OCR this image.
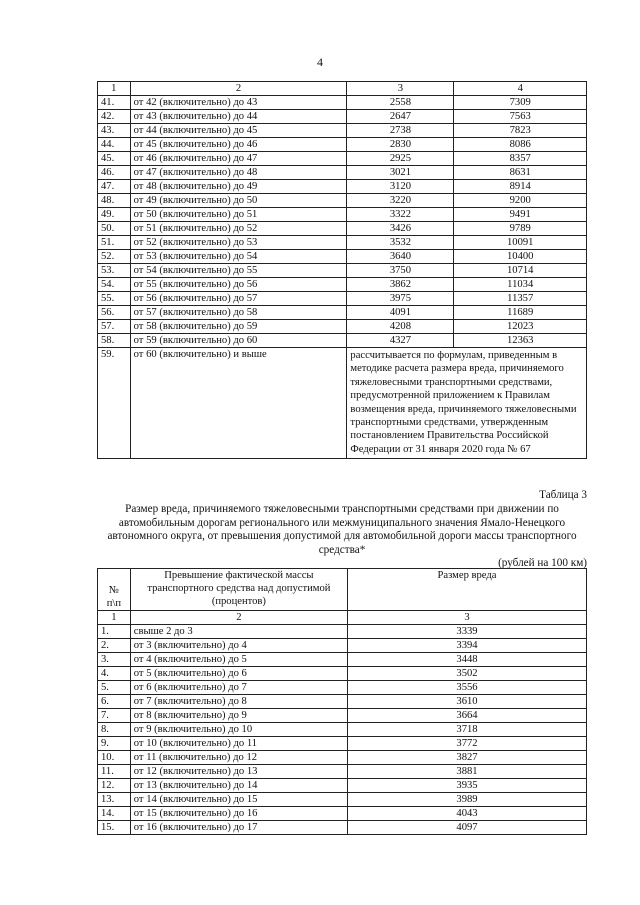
4
1	2	3	4
41.	от 42 (включительно) до 43	2558	7309
42.	от 43 (включительно) до 44	2647	7563
43.	от 44 (включительно) до 45	2738	7823
44.	от 45 (включительно) до 46	2830	8086
45.	от 46 (включительно) до 47	2925	8357
46.	от 47 (включительно) до 48	3021	8631
47.	от 48 (включительно) до 49	3120	8914
48.	от 49 (включительно) до 50	3220	9200
49.	от 50 (включительно) до 51	3322	9491
50.	от 51 (включительно) до 52	3426	9789
51.	от 52 (включительно) до 53	3532	10091
52.	от 53 (включительно) до 54	3640	10400
53.	от 54 (включительно) до 55	3750	10714
54.	от 55 (включительно) до 56	3862	11034
55.	от 56 (включительно) до 57	3975	11357
56.	от 57 (включительно) до 58	4091	11689
57.	от 58 (включительно) до 59	4208	12023
58.	от 59 (включительно) до 60	4327	12363
59.	от 60 (включительно) и выше	рассчитывается по формулам, приведенным в методике расчета размера вреда, причиняемого тяжеловесными транспортными средствами, предусмотренной приложением к Правилам возмещения вреда, причиняемого тяжеловесными транспортными средствами, утвержденным постановлением Правительства Российской Федерации от 31 января 2020 года № 67	
Таблица 3
Размер вреда, причиняемого тяжеловесными транспортными средствами при движении по автомобильным дорогам регионального или межмуниципального значения Ямало-Ненецкого автономного округа, от превышения допустимой для автомобильной дороги массы транспортного средства*
(рублей на 100 км)
№ п\п	Превышение фактической массы транспортного средства над допустимой (процентов)	Размер вреда
1	2	3
1.	свыше 2 до 3	3339
2.	от 3 (включительно) до 4	3394
3.	от 4 (включительно) до 5	3448
4.	от 5 (включительно) до 6	3502
5.	от 6 (включительно) до 7	3556
6.	от 7 (включительно) до 8	3610
7.	от 8 (включительно) до 9	3664
8.	от 9 (включительно) до 10	3718
9.	от 10 (включительно) до 11	3772
10.	от 11 (включительно) до 12	3827
11.	от 12 (включительно) до 13	3881
12.	от 13 (включительно) до 14	3935
13.	от 14 (включительно) до 15	3989
14.	от 15 (включительно) до 16	4043
15.	от 16 (включительно) до 17	4097
